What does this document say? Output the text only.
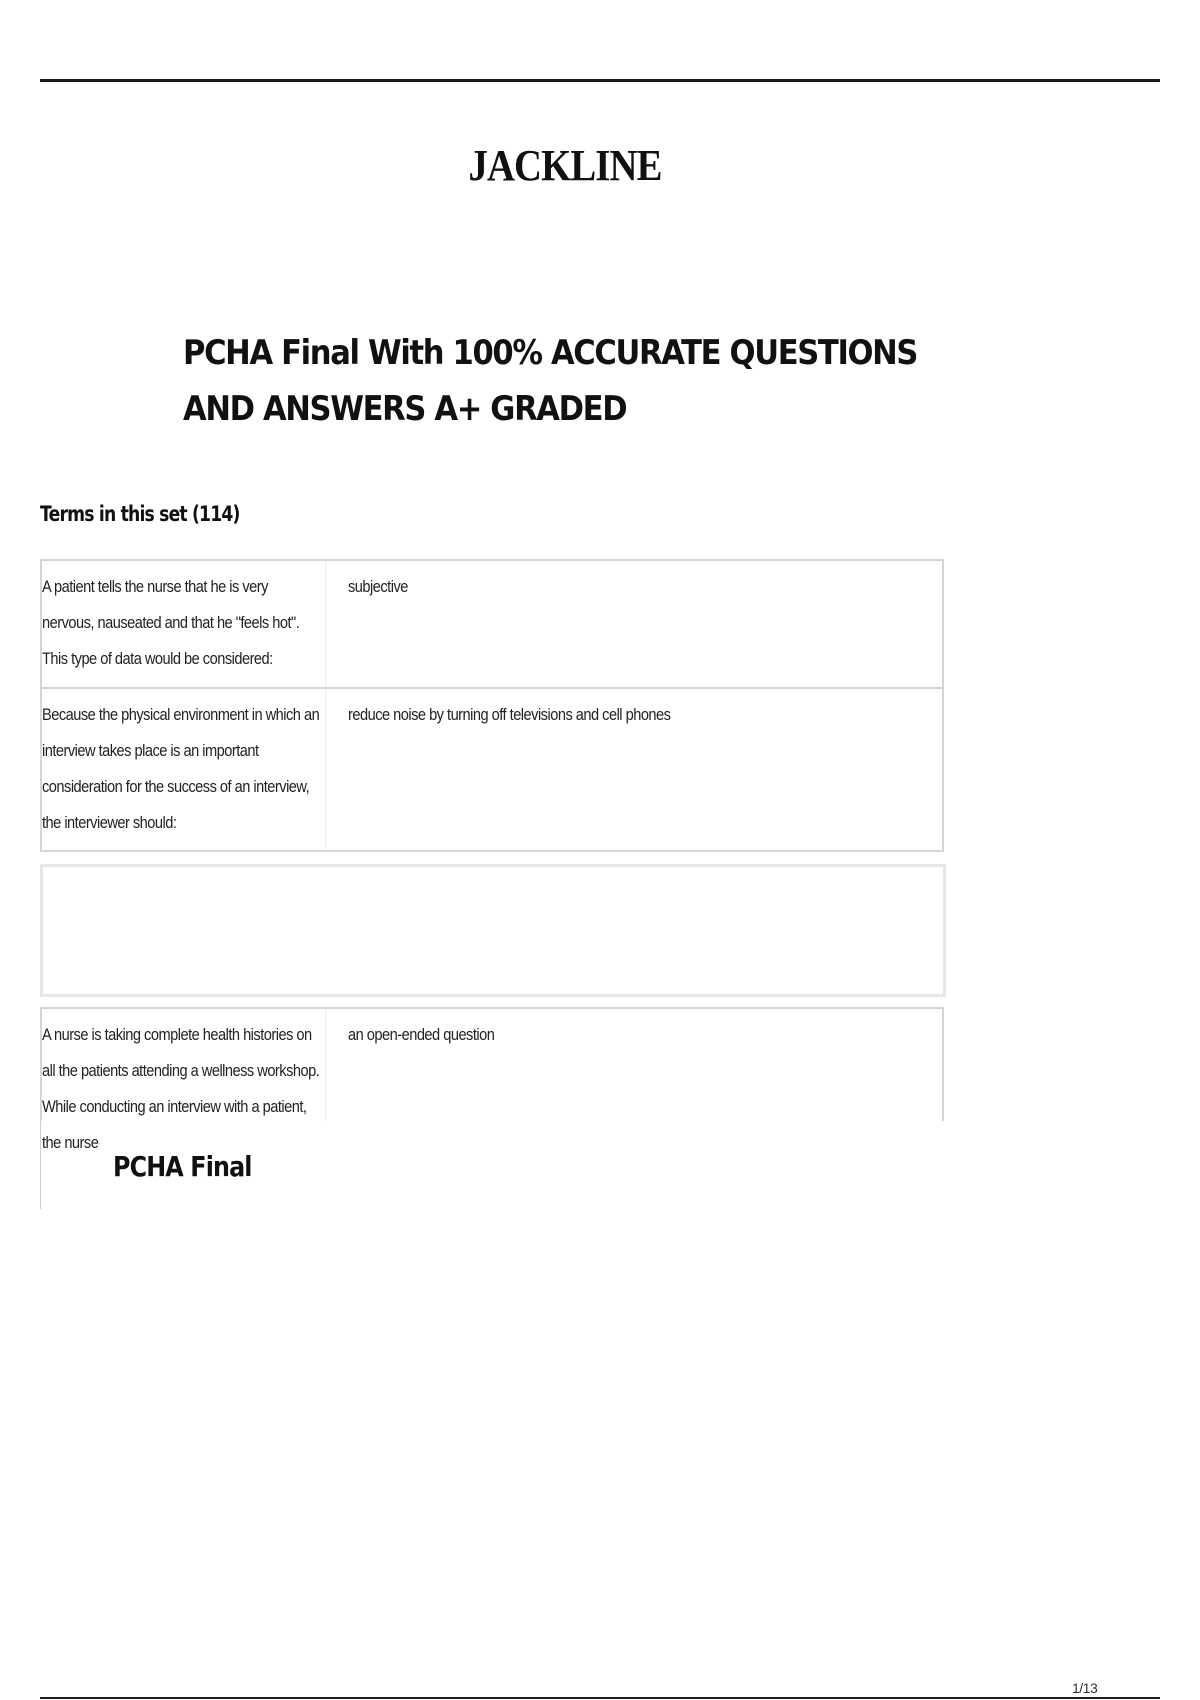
JACKLINE
PCHA Final With 100% ACCURATE QUESTIONS AND ANSWERS A+ GRADED
Terms in this set (114)
A patient tells the nurse that he is very nervous, nauseated and that he "feels hot". This type of data would be considered:
subjective
Because the physical environment in which an interview takes place is an important consideration for the success of an interview, the interviewer should:
reduce noise by turning off televisions and cell phones
A nurse is taking complete health histories on all the patients attending a wellness workshop. While conducting an interview with a patient, the nurse
an open-ended question
PCHA Final
1/13
